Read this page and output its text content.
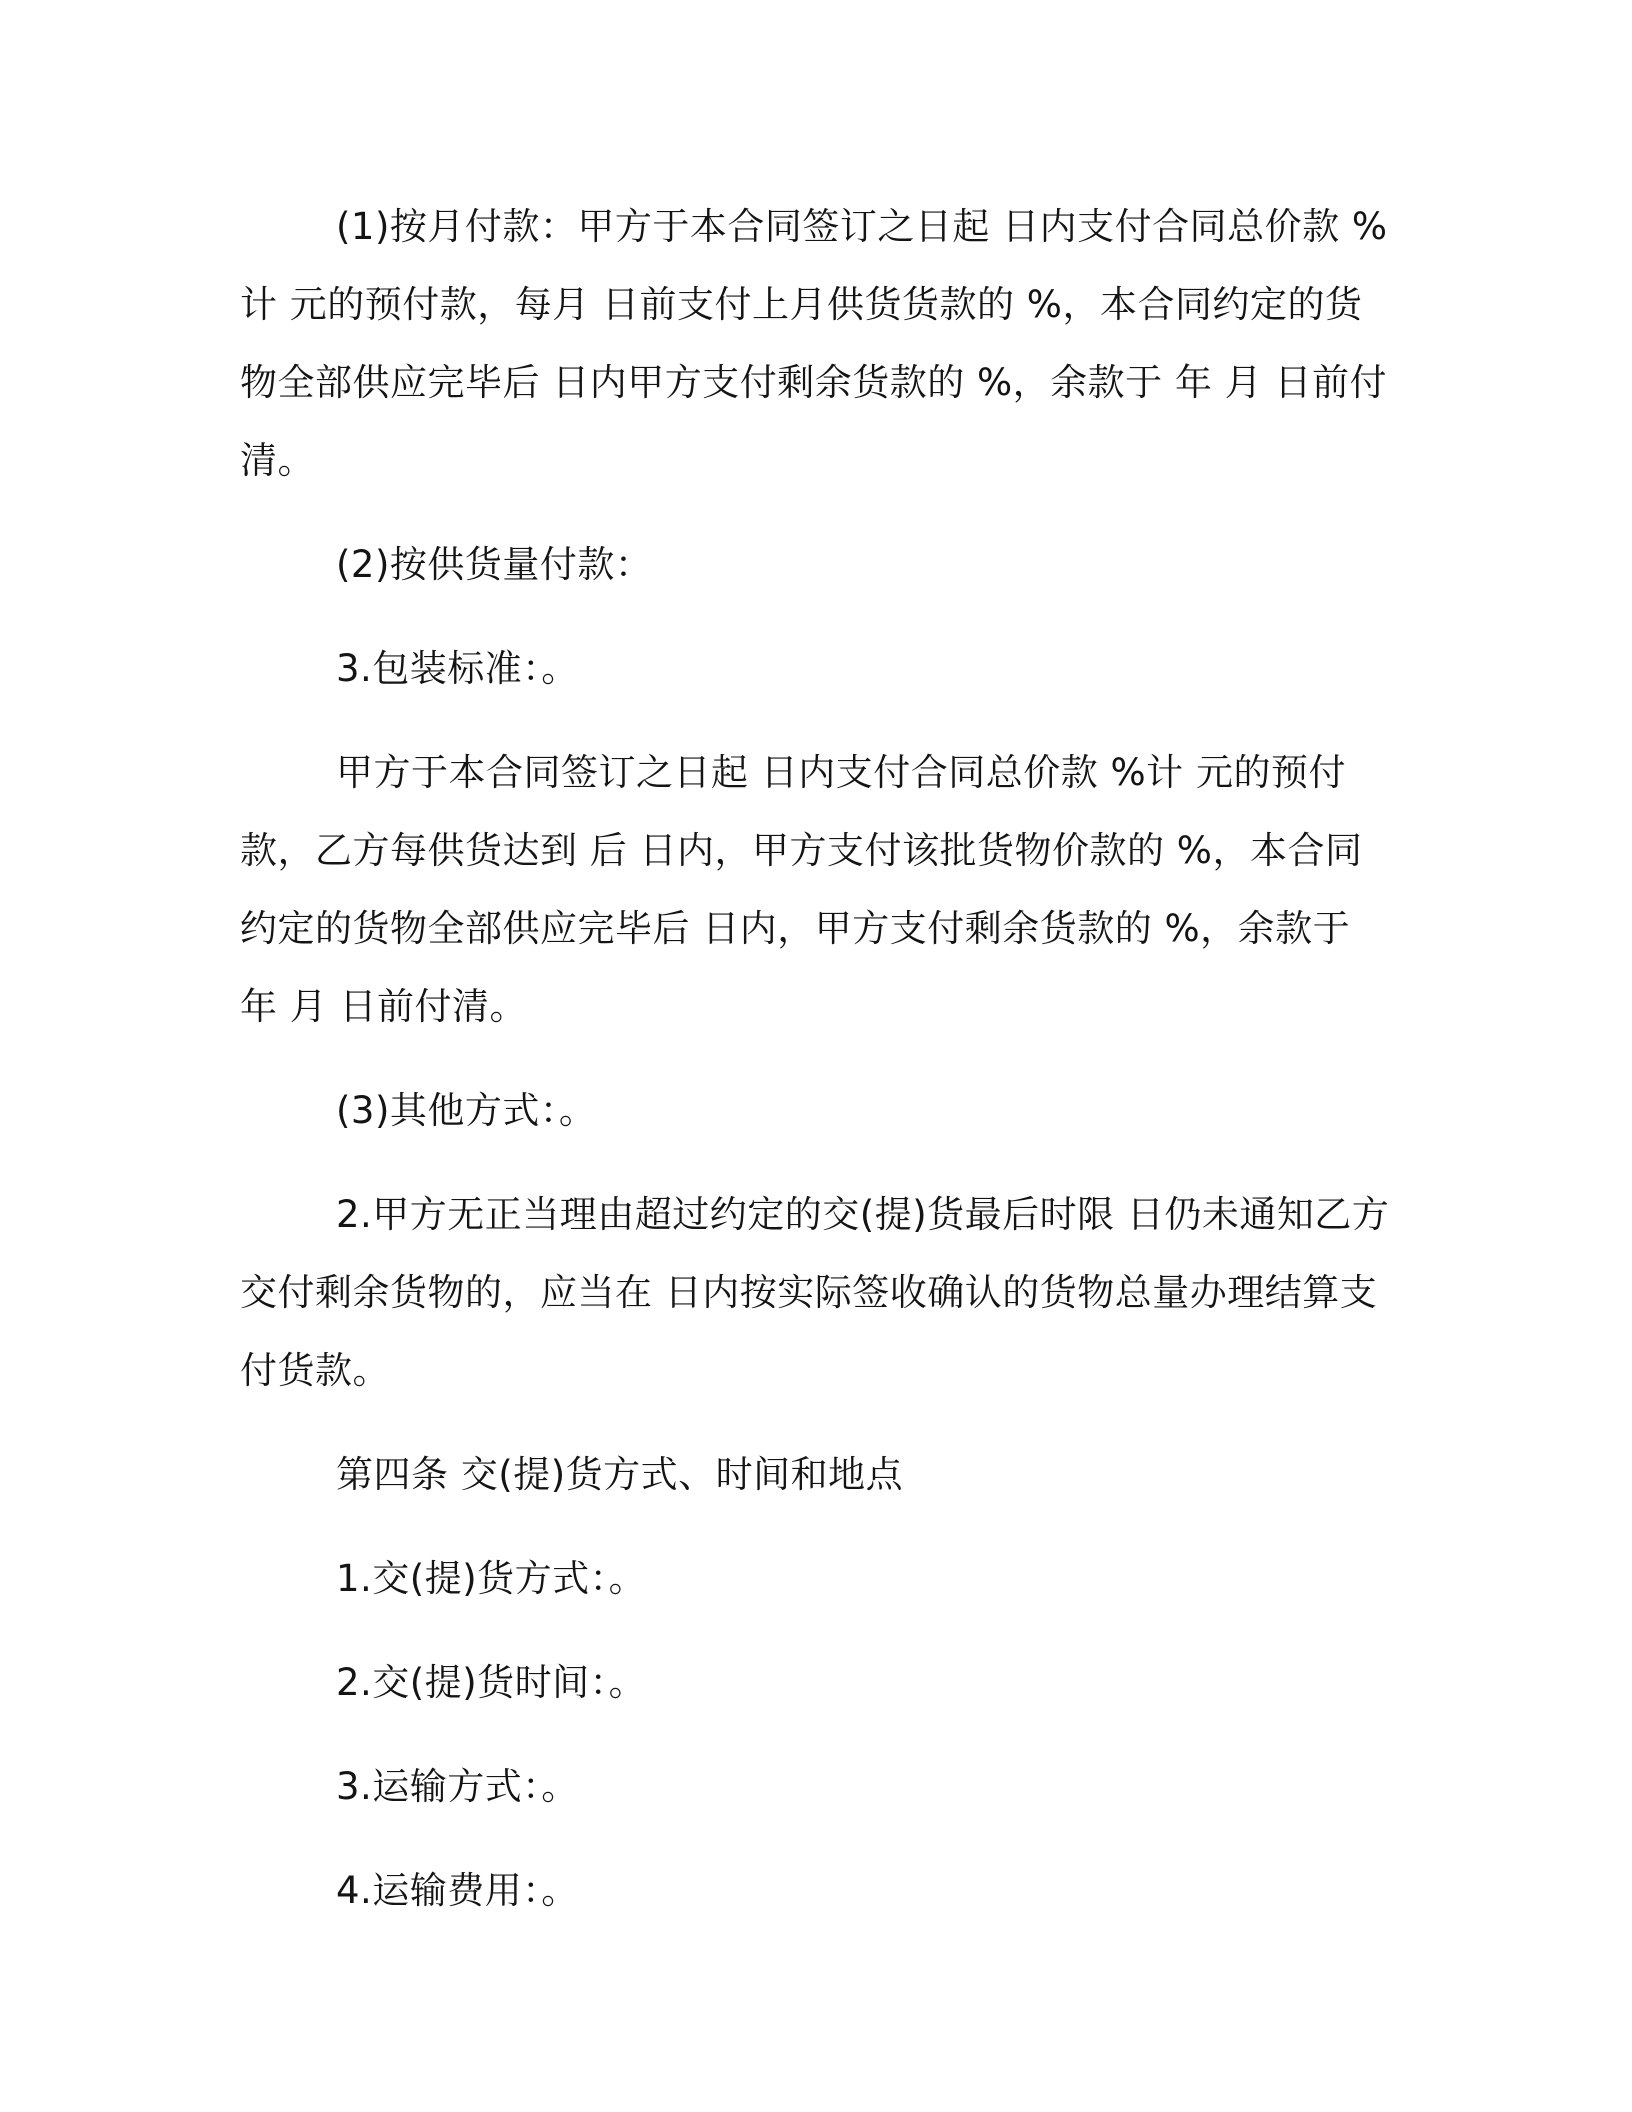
(1)按月付款：甲方于本合同签订之日起 日内支付合同总价款 % 计 元的预付款，每月 日前支付上月供货货款的 %，本合同约定的货物全部供应完毕后 日内甲方支付剩余货款的 %，余款于 年 月 日前付清。

(2)按供货量付款：

3.包装标准：。

甲方于本合同签订之日起 日内支付合同总价款 %计 元的预付款，乙方每供货达到 后 日内，甲方支付该批货物价款的 %，本合同约定的货物全部供应完毕后 日内，甲方支付剩余货款的 %，余款于 年 月 日前付清。

(3)其他方式：。

2.甲方无正当理由超过约定的交(提)货最后时限 日仍未通知乙方交付剩余货物的，应当在 日内按实际签收确认的货物总量办理结算支付货款。

第四条 交(提)货方式、时间和地点

1.交(提)货方式：。

2.交(提)货时间：。

3.运输方式：。

4.运输费用：。
